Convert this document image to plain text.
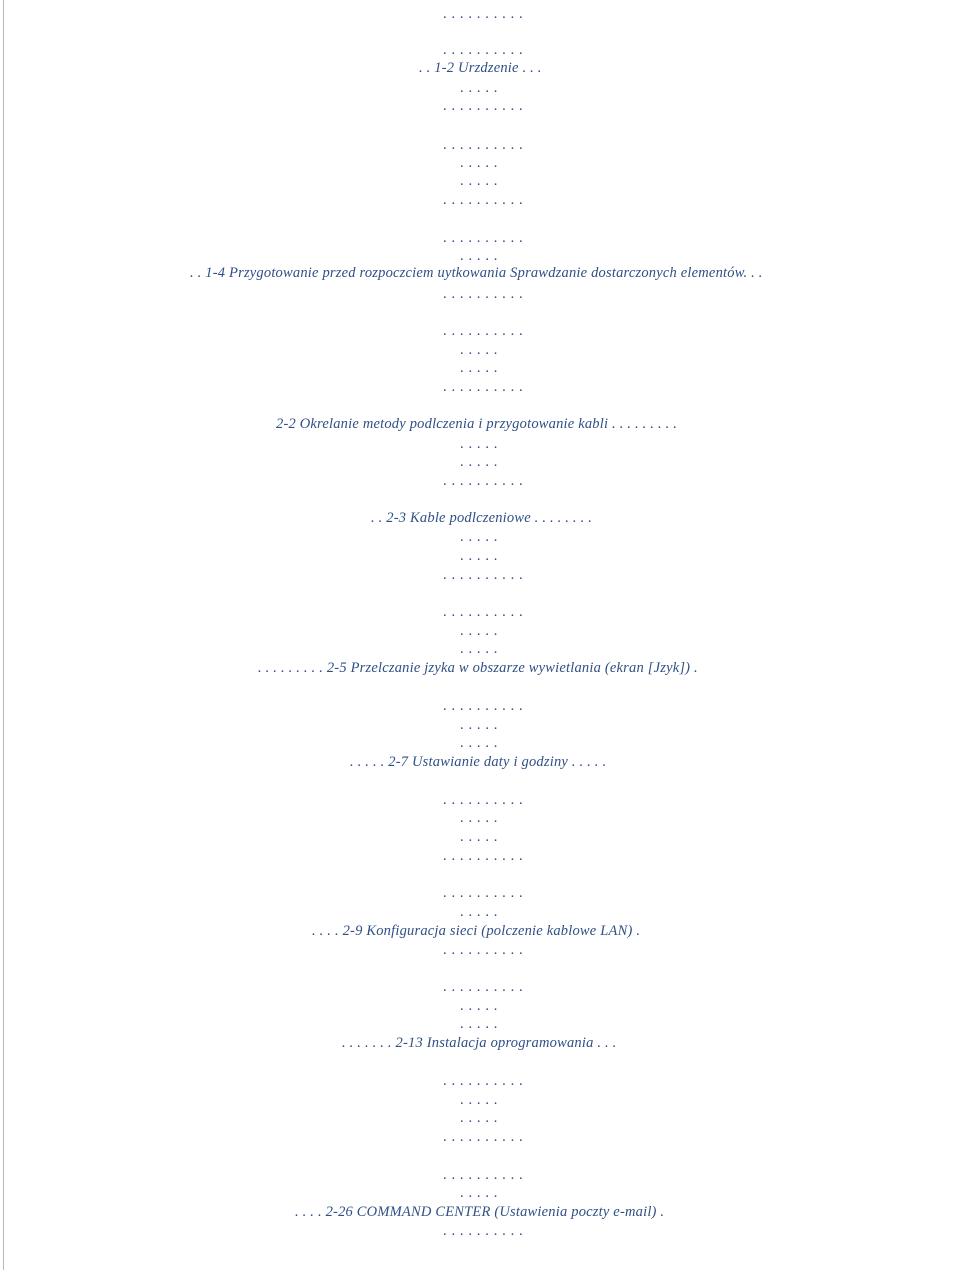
. . . . . . . . . .
. . . . . . . . . .
. . 1-2 Urzdzenie . . .
. . . . .
. . . . . . . . . .
. . . . . . . . . .
. . . . .
. . . . .
. . . . . . . . . .
. . . . . . . . . .
. . . . .
. . 1-4 Przygotowanie przed rozpoczciem uytkowania Sprawdzanie dostarczonych elementów. . .
. . . . . . . . . .
. . . . . . . . . .
. . . . .
. . . . .
. . . . . . . . . .
2-2 Okrelanie metody podlczenia i przygotowanie kabli . . . . . . . . .
. . . . .
. . . . .
. . . . . . . . . .
. . 2-3 Kable podlczeniowe . . . . . . . .
. . . . .
. . . . .
. . . . . . . . . .
. . . . . . . . . .
. . . . .
. . . . .
. . . . . . . . . 2-5 Przelczanie jzyka w obszarze wywietlania (ekran [Jzyk]) .
. . . . . . . . . .
. . . . .
. . . . .
. . . . . 2-7 Ustawianie daty i godziny . . . . .
. . . . . . . . . .
. . . . .
. . . . .
. . . . . . . . . .
. . . . . . . . . .
. . . . .
. . . . 2-9 Konfiguracja sieci (polczenie kablowe LAN) .
. . . . . . . . . .
. . . . . . . . . .
. . . . .
. . . . .
. . . . . . . 2-13 Instalacja oprogramowania . . .
. . . . . . . . . .
. . . . .
. . . . .
. . . . . . . . . .
. . . . . . . . . .
. . . . .
. . . . 2-26 COMMAND CENTER (Ustawienia poczty e-mail) .
. . . . . . . . . .
